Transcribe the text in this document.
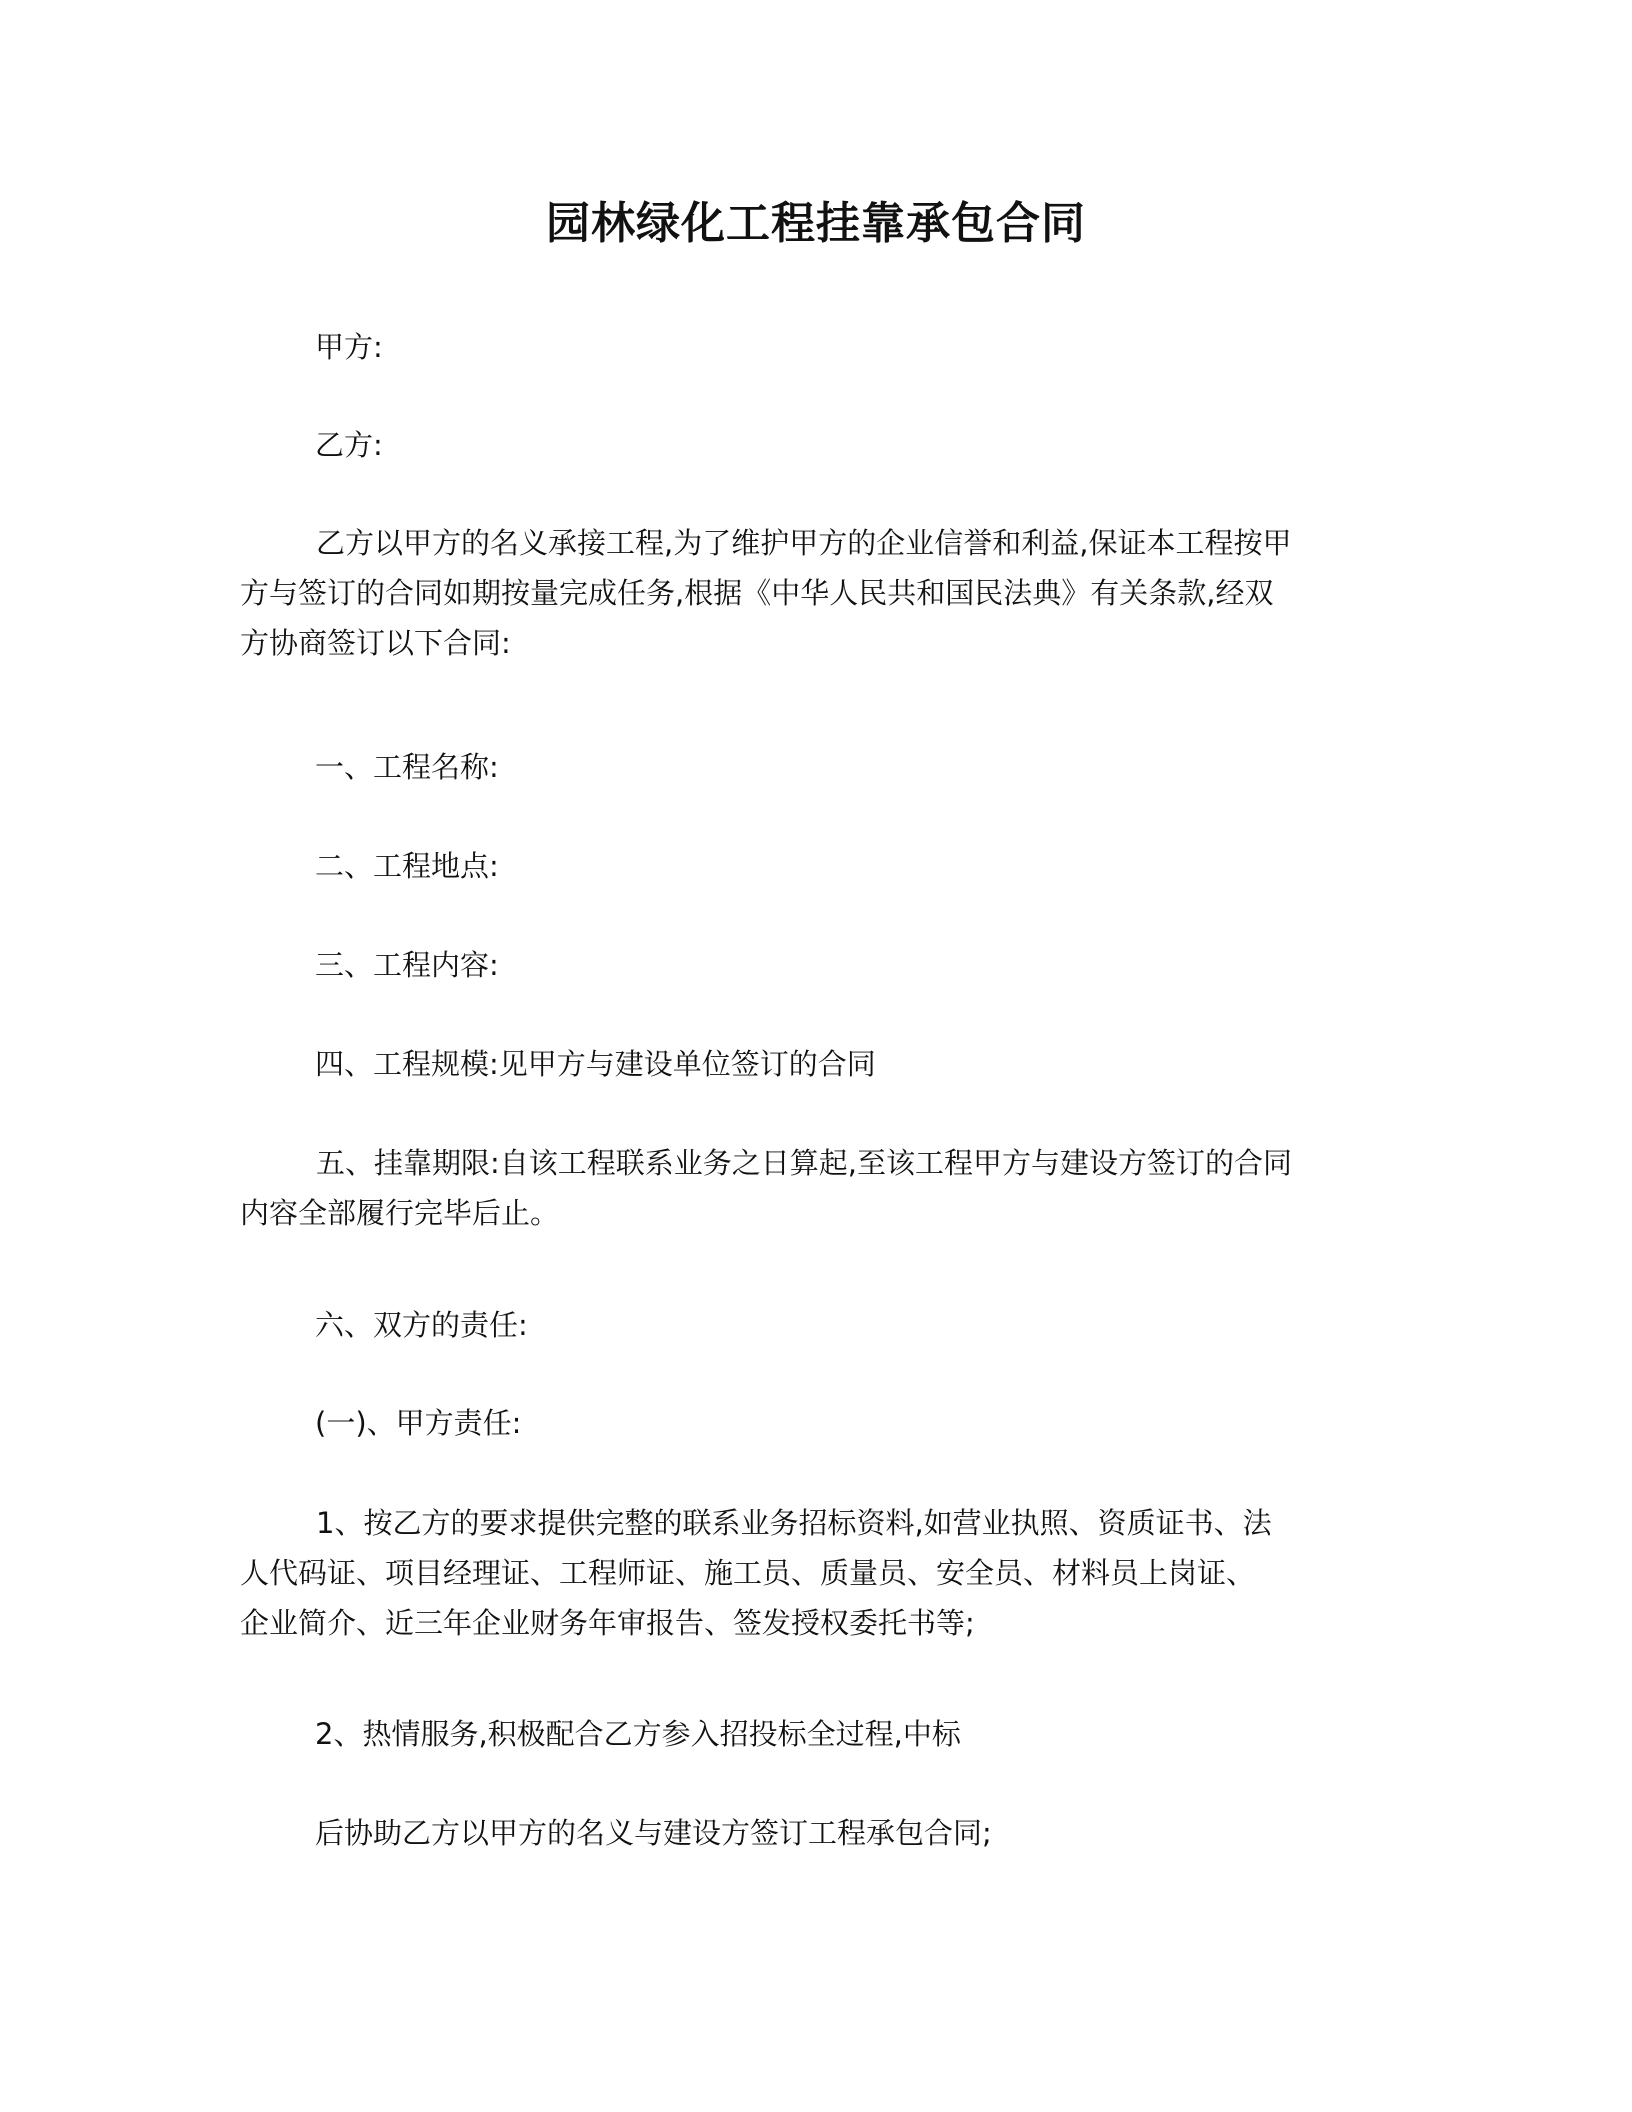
园林绿化工程挂靠承包合同
甲方:
乙方:
乙方以甲方的名义承接工程,为了维护甲方的企业信誉和利益,保证本工程按甲
方与签订的合同如期按量完成任务,根据《中华人民共和国民法典》有关条款,经双
方协商签订以下合同:
一、工程名称:
二、工程地点:
三、工程内容:
四、工程规模:见甲方与建设单位签订的合同
五、挂靠期限:自该工程联系业务之日算起,至该工程甲方与建设方签订的合同
内容全部履行完毕后止。
六、双方的责任:
(一)、甲方责任:
1、按乙方的要求提供完整的联系业务招标资料,如营业执照、资质证书、法
人代码证、项目经理证、工程师证、施工员、质量员、安全员、材料员上岗证、
企业简介、近三年企业财务年审报告、签发授权委托书等;
2、热情服务,积极配合乙方参入招投标全过程,中标
后协助乙方以甲方的名义与建设方签订工程承包合同;
